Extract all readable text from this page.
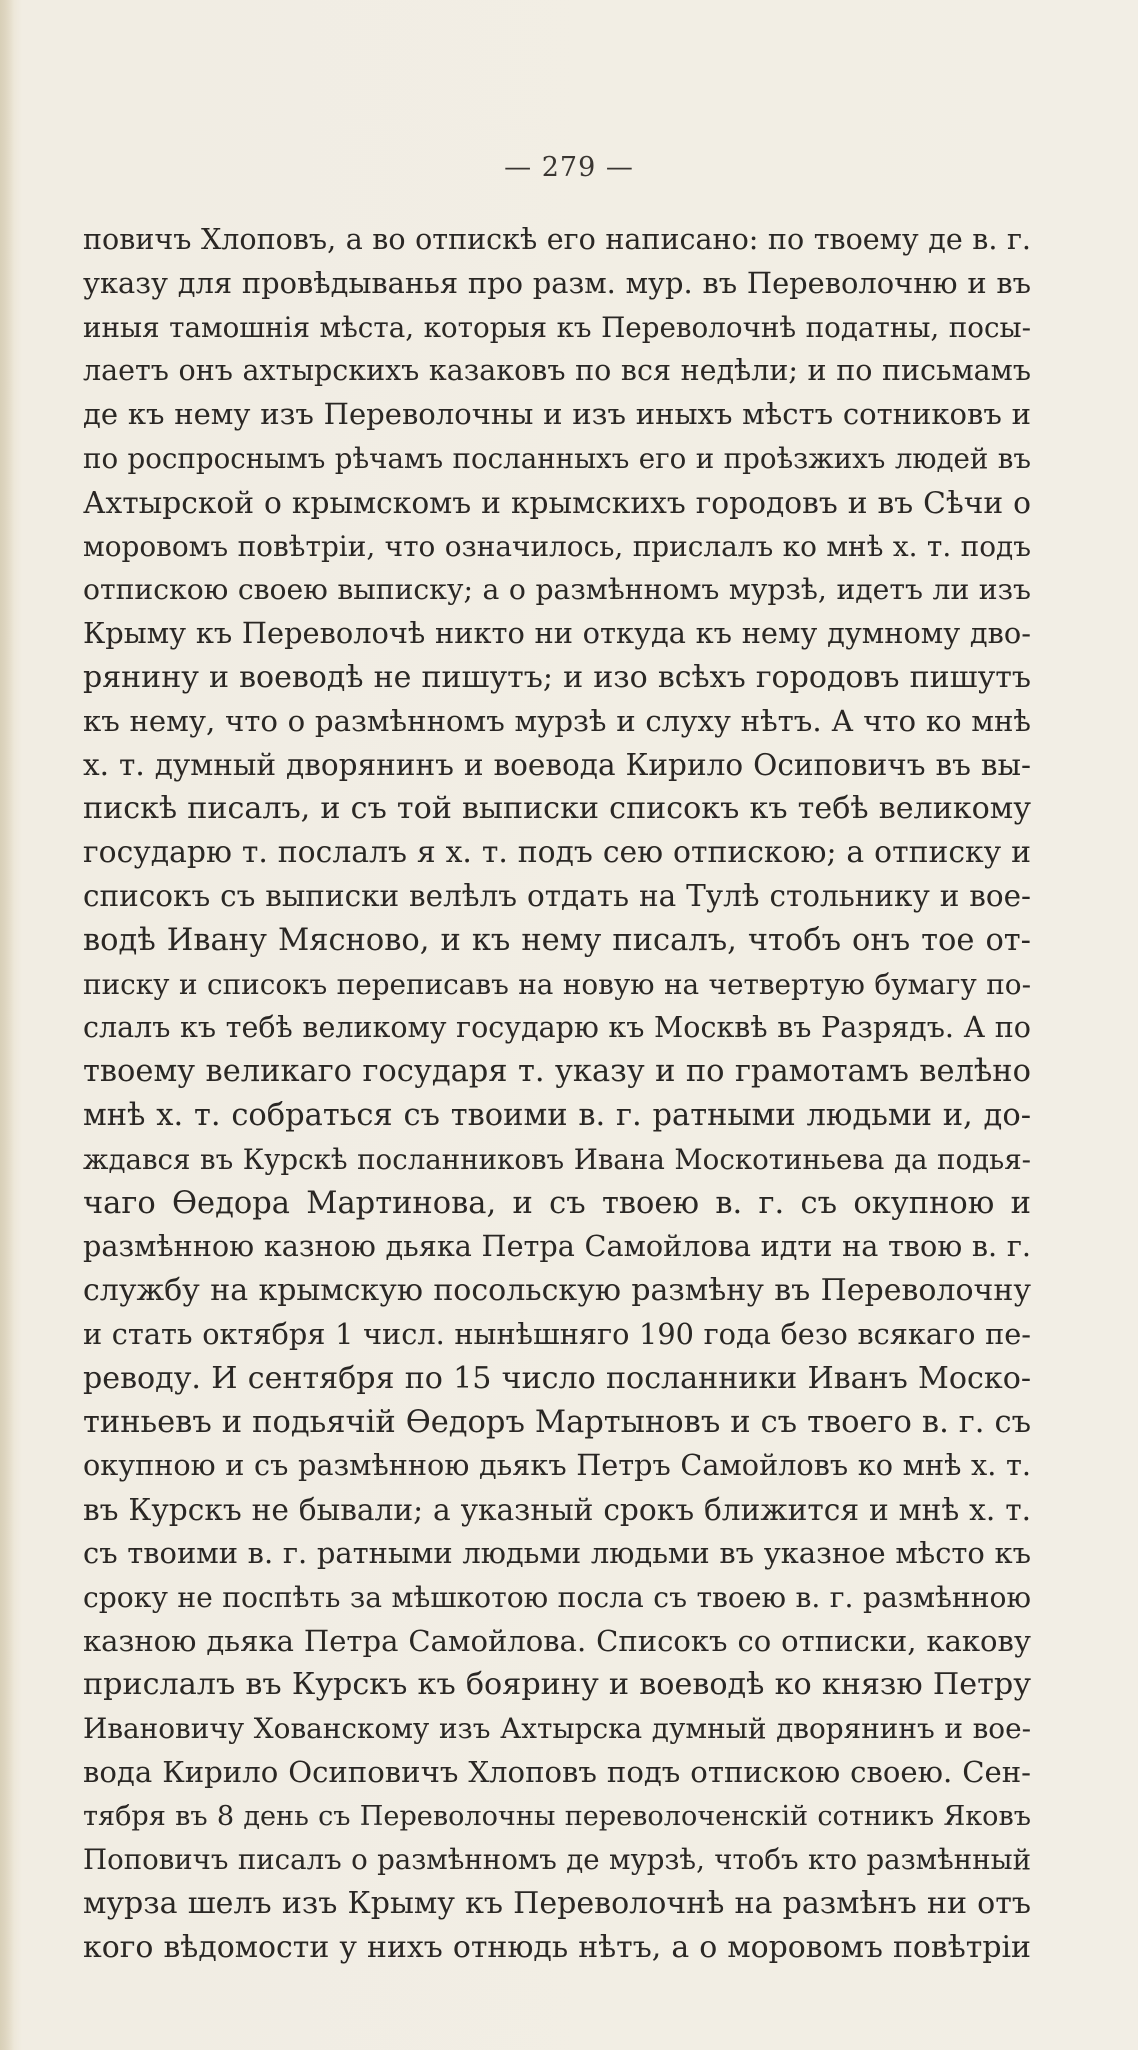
— 279 —
повичъ Хлоповъ, а во отпискѣ его написано: по твоему де в. г.
указу для провѣдыванья про разм. мур. въ Переволочню и въ
иныя тамошнія мѣста, которыя къ Переволочнѣ податны, посы-
лаетъ онъ ахтырскихъ казаковъ по вся недѣли; и по письмамъ
де къ нему изъ Переволочны и изъ иныхъ мѣстъ сотниковъ и
по роспроснымъ рѣчамъ посланныхъ его и проѣзжихъ людей въ
Ахтырской о крымскомъ и крымскихъ городовъ и въ Сѣчи о
моровомъ повѣтріи, что означилось, прислалъ ко мнѣ х. т. подъ
отпискою своею выписку; а о размѣнномъ мурзѣ, идетъ ли изъ
Крыму къ Переволочѣ никто ни откуда къ нему думному дво-
рянину и воеводѣ не пишутъ; и изо всѣхъ городовъ пишутъ
къ нему, что о размѣнномъ мурзѣ и слуху нѣтъ. А что ко мнѣ
х. т. думный дворянинъ и воевода Кирило Осиповичъ въ вы-
пискѣ писалъ, и съ той выписки списокъ къ тебѣ великому
государю т. послалъ я х. т. подъ сею отпискою; а отписку и
списокъ съ выписки велѣлъ отдать на Тулѣ стольнику и вое-
водѣ Ивану Мясново, и къ нему писалъ, чтобъ онъ тое от-
писку и списокъ переписавъ на новую на четвертую бумагу по-
слалъ къ тебѣ великому государю къ Москвѣ въ Разрядъ. А по
твоему великаго государя т. указу и по грамотамъ велѣно
мнѣ х. т. собраться съ твоими в. г. ратными людьми и, до-
ждався въ Курскѣ посланниковъ Ивана Москотиньева да подья-
чаго Өедора Мартинова, и съ твоею в. г. съ окупною и
размѣнною казною дьяка Петра Самойлова идти на твою в. г.
службу на крымскую посольскую размѣну въ Переволочну
и стать октября 1 числ. нынѣшняго 190 года безо всякаго пе-
реводу. И сентября по 15 число посланники Иванъ Моско-
тиньевъ и подьячій Өедоръ Мартыновъ и съ твоего в. г. съ
окупною и съ размѣнною дьякъ Петръ Самойловъ ко мнѣ х. т.
въ Курскъ не бывали; а указный срокъ ближится и мнѣ х. т.
съ твоими в. г. ратными людьми людьми въ указное мѣсто къ
сроку не поспѣть за мѣшкотою посла съ твоею в. г. размѣнною
казною дьяка Петра Самойлова. Списокъ со отписки, какову
прислалъ въ Курскъ къ боярину и воеводѣ ко князю Петру
Ивановичу Хованскому изъ Ахтырска думный дворянинъ и вое-
вода Кирило Осиповичъ Хлоповъ подъ отпискою своею. Сен-
тября въ 8 день съ Переволочны переволоченскій сотникъ Яковъ
Поповичъ писалъ о размѣнномъ де мурзѣ, чтобъ кто размѣнный
мурза шелъ изъ Крыму къ Переволочнѣ на размѣнъ ни отъ
кого вѣдомости у нихъ отнюдь нѣтъ, а о моровомъ повѣтріи
